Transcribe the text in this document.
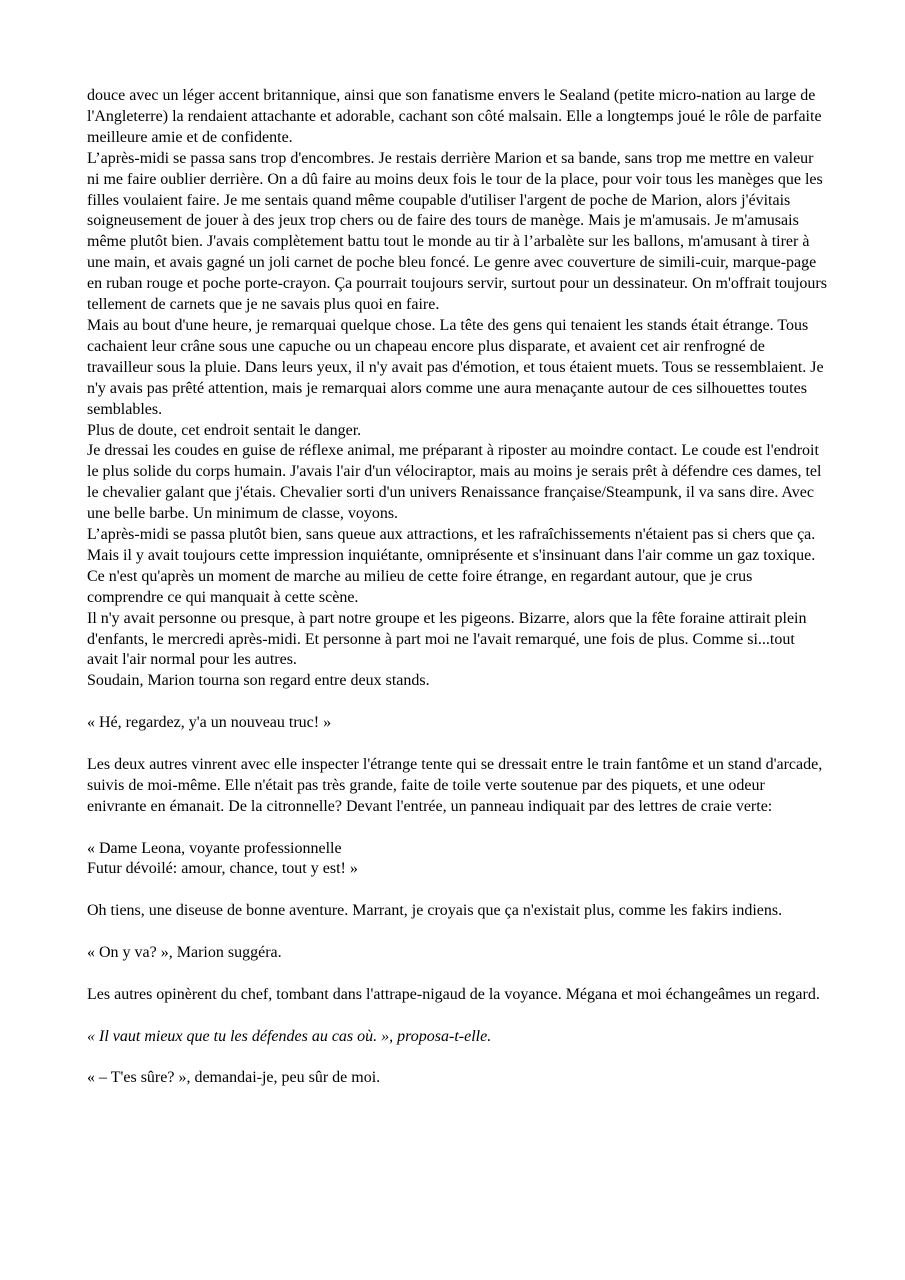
douce avec un léger accent britannique, ainsi que son fanatisme envers le Sealand (petite micro-nation au large de l'Angleterre) la rendaient attachante et adorable, cachant son côté malsain. Elle a longtemps joué le rôle de parfaite meilleure amie et de confidente.

L’après-midi se passa sans trop d'encombres. Je restais derrière Marion et sa bande, sans trop me mettre en valeur ni me faire oublier derrière. On a dû faire au moins deux fois le tour de la place, pour voir tous les manèges que les filles voulaient faire. Je me sentais quand même coupable d'utiliser l'argent de poche de Marion, alors j'évitais soigneusement de jouer à des jeux trop chers ou de faire des tours de manège. Mais je m'amusais. Je m'amusais même plutôt bien. J'avais complètement battu tout le monde au tir à l’arbalète sur les ballons, m'amusant à tirer à une main, et avais gagné un joli carnet de poche bleu foncé. Le genre avec couverture de simili-cuir, marque-page en ruban rouge et poche porte-crayon. Ça pourrait toujours servir, surtout pour un dessinateur. On m'offrait toujours tellement de carnets que je ne savais plus quoi en faire.

Mais au bout d'une heure, je remarquai quelque chose. La tête des gens qui tenaient les stands était étrange. Tous cachaient leur crâne sous une capuche ou un chapeau encore plus disparate, et avaient cet air renfrogné de travailleur sous la pluie. Dans leurs yeux, il n'y avait pas d'émotion, et tous étaient muets. Tous se ressemblaient. Je n'y avais pas prêté attention, mais je remarquai alors comme une aura menaçante autour de ces silhouettes toutes semblables.

Plus de doute, cet endroit sentait le danger.

Je dressai les coudes en guise de réflexe animal, me préparant à riposter au moindre contact. Le coude est l'endroit le plus solide du corps humain. J'avais l'air d'un vélociraptor, mais au moins je serais prêt à défendre ces dames, tel le chevalier galant que j'étais. Chevalier sorti d'un univers Renaissance française/Steampunk, il va sans dire. Avec une belle barbe. Un minimum de classe, voyons.

L’après-midi se passa plutôt bien, sans queue aux attractions, et les rafraîchissements n'étaient pas si chers que ça. Mais il y avait toujours cette impression inquiétante, omniprésente et s'insinuant dans l'air comme un gaz toxique. Ce n'est qu'après un moment de marche au milieu de cette foire étrange, en regardant autour, que je crus comprendre ce qui manquait à cette scène.

Il n'y avait personne ou presque, à part notre groupe et les pigeons. Bizarre, alors que la fête foraine attirait plein d'enfants, le mercredi après-midi. Et personne à part moi ne l'avait remarqué, une fois de plus. Comme si...tout avait l'air normal pour les autres.

Soudain, Marion tourna son regard entre deux stands.

« Hé, regardez, y'a un nouveau truc! »

Les deux autres vinrent avec elle inspecter l'étrange tente qui se dressait entre le train fantôme et un stand d'arcade, suivis de moi-même. Elle n'était pas très grande, faite de toile verte soutenue par des piquets, et une odeur enivrante en émanait. De la citronnelle? Devant l'entrée, un panneau indiquait par des lettres de craie verte:

« Dame Leona, voyante professionnelle

Futur dévoilé: amour, chance, tout y est! »

Oh tiens, une diseuse de bonne aventure. Marrant, je croyais que ça n'existait plus, comme les fakirs indiens.

« On y va? », Marion suggéra.

Les autres opinèrent du chef, tombant dans l'attrape-nigaud de la voyance. Mégana et moi échangeâmes un regard.

« Il vaut mieux que tu les défendes au cas où. », proposa-t-elle.

« – T'es sûre? », demandai-je, peu sûr de moi.
